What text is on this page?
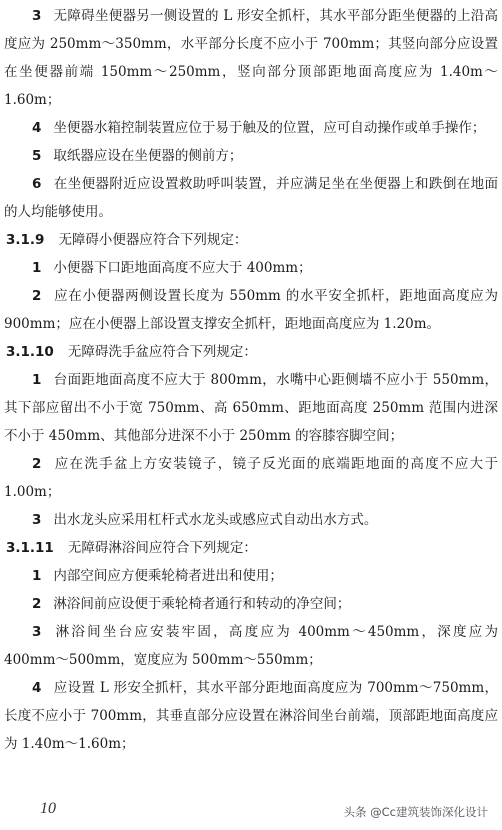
3 无障碍坐便器另一侧设置的 L 形安全抓杆，其水平部分距坐便器的上沿高度应为 250mm～350mm，水平部分长度不应小于 700mm；其竖向部分应设置在坐便器前端 150mm～250mm，竖向部分顶部距地面高度应为 1.40m～1.60m；

4 坐便器水箱控制装置应位于易于触及的位置，应可自动操作或单手操作；

5 取纸器应设在坐便器的侧前方；

6 在坐便器附近应设置救助呼叫装置，并应满足坐在坐便器上和跌倒在地面的人均能够使用。

3.1.9 无障碍小便器应符合下列规定：

1 小便器下口距地面高度不应大于 400mm；

2 应在小便器两侧设置长度为 550mm 的水平安全抓杆，距地面高度应为 900mm；应在小便器上部设置支撑安全抓杆，距地面高度应为 1.20m。

3.1.10 无障碍洗手盆应符合下列规定：

1 台面距地面高度不应大于 800mm，水嘴中心距侧墙不应小于 550mm，其下部应留出不小于宽 750mm、高 650mm、距地面高度 250mm 范围内进深不小于 450mm、其他部分进深不小于 250mm 的容膝容脚空间；

2 应在洗手盆上方安装镜子，镜子反光面的底端距地面的高度不应大于 1.00m；

3 出水龙头应采用杠杆式水龙头或感应式自动出水方式。

3.1.11 无障碍淋浴间应符合下列规定：

1 内部空间应方便乘轮椅者进出和使用；

2 淋浴间前应设便于乘轮椅者通行和转动的净空间；

3 淋浴间坐台应安装牢固，高度应为 400mm～450mm，深度应为 400mm～500mm，宽度应为 500mm～550mm；

4 应设置 L 形安全抓杆，其水平部分距地面高度应为 700mm～750mm，长度不应小于 700mm，其垂直部分应设置在淋浴间坐台前端，顶部距地面高度应为 1.40m～1.60m；

10	头条 @Cc建筑装饰深化设计
